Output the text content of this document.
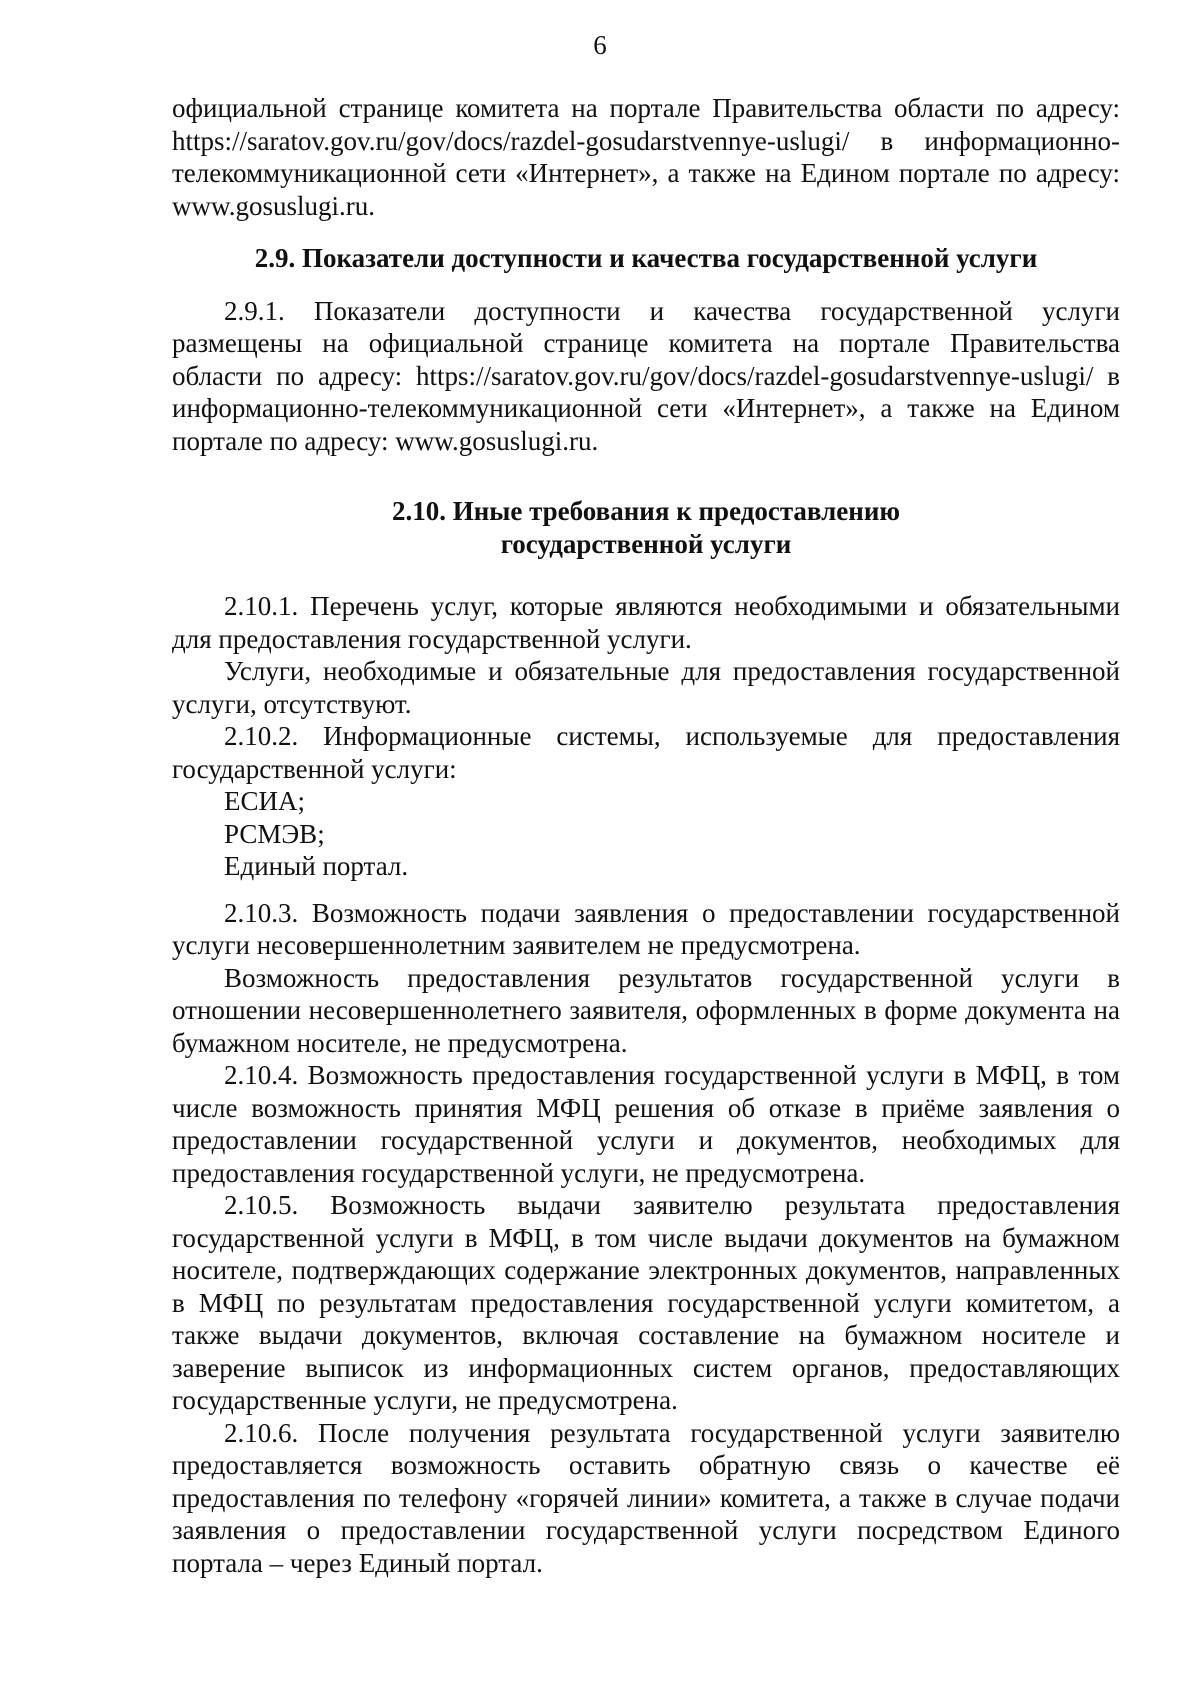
6

официальной странице комитета на портале Правительства области по адресу: https://saratov.gov.ru/gov/docs/razdel-gosudarstvennye-uslugi/ в информационно-телекоммуникационной сети «Интернет», а также на Едином портале по адресу: www.gosuslugi.ru.

2.9. Показатели доступности и качества государственной услуги

2.9.1. Показатели доступности и качества государственной услуги размещены на официальной странице комитета на портале Правительства области по адресу: https://saratov.gov.ru/gov/docs/razdel-gosudarstvennye-uslugi/ в информационно-телекоммуникационной сети «Интернет», а также на Едином портале по адресу: www.gosuslugi.ru.

2.10. Иные требования к предоставлению
государственной услуги

2.10.1. Перечень услуг, которые являются необходимыми и обязательными для предоставления государственной услуги.

Услуги, необходимые и обязательные для предоставления государственной услуги, отсутствуют.

2.10.2. Информационные системы, используемые для предоставления государственной услуги:

ЕСИА;
РСМЭВ;
Единый портал.

2.10.3. Возможность подачи заявления о предоставлении государственной услуги несовершеннолетним заявителем не предусмотрена.

Возможность предоставления результатов государственной услуги в отношении несовершеннолетнего заявителя, оформленных в форме документа на бумажном носителе, не предусмотрена.

2.10.4. Возможность предоставления государственной услуги в МФЦ, в том числе возможность принятия МФЦ решения об отказе в приёме заявления о предоставлении государственной услуги и документов, необходимых для предоставления государственной услуги, не предусмотрена.

2.10.5. Возможность выдачи заявителю результата предоставления государственной услуги в МФЦ, в том числе выдачи документов на бумажном носителе, подтверждающих содержание электронных документов, направленных в МФЦ по результатам предоставления государственной услуги комитетом, а также выдачи документов, включая составление на бумажном носителе и заверение выписок из информационных систем органов, предоставляющих государственные услуги, не предусмотрена.

2.10.6. После получения результата государственной услуги заявителю предоставляется возможность оставить обратную связь о качестве её предоставления по телефону «горячей линии» комитета, а также в случае подачи заявления о предоставлении государственной услуги посредством Единого портала – через Единый портал.
